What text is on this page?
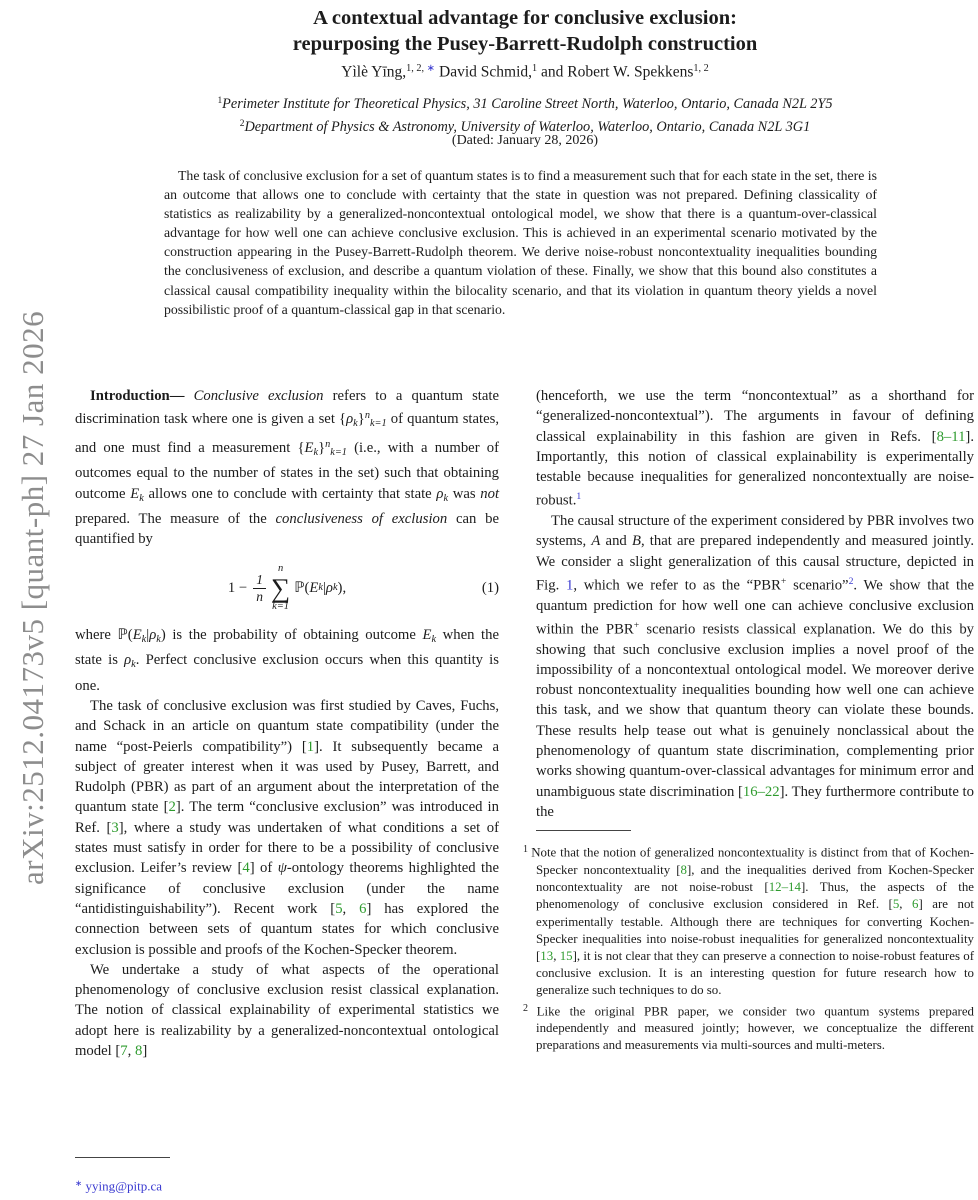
arXiv:2512.04173v5 [quant-ph] 27 Jan 2026
A contextual advantage for conclusive exclusion:
repurposing the Pusey-Barrett-Rudolph construction
Yìlè Yīng,$^{1, 2,}$ ∗ David Schmid,$^1$ and Robert W. Spekkens$^{1, 2}$
$^1$Perimeter Institute for Theoretical Physics, 31 Caroline Street North, Waterloo, Ontario, Canada N2L 2Y5
$^2$Department of Physics & Astronomy, University of Waterloo, Waterloo, Ontario, Canada N2L 3G1
(Dated: January 28, 2026)
The task of conclusive exclusion for a set of quantum states is to find a measurement such that for each state in the set, there is an outcome that allows one to conclude with certainty that the state in question was not prepared. Defining classicality of statistics as realizability by a generalized-noncontextual ontological model, we show that there is a quantum-over-classical advantage for how well one can achieve conclusive exclusion. This is achieved in an experimental scenario motivated by the construction appearing in the Pusey-Barrett-Rudolph theorem. We derive noise-robust noncontextuality inequalities bounding the conclusiveness of exclusion, and describe a quantum violation of these. Finally, we show that this bound also constitutes a classical causal compatibility inequality within the bilocality scenario, and that its violation in quantum theory yields a novel possibilistic proof of a quantum-classical gap in that scenario.

Introduction— Conclusive exclusion refers to a quantum state discrimination task where one is given a set $\{\rho_k\}^n_{k=1}$ of quantum states, and one must find a measurement $\{E_k\}^n_{k=1}$ (i.e., with a number of outcomes equal to the number of states in the set) such that obtaining outcome $E_k$ allows one to conclude with certainty that state $\rho_k$ was not prepared. The measure of the conclusiveness of exclusion can be quantified by

$1 - \frac{1}{n}$
n
∑
k=1
ℙ( E k | ρ k ),	(1)

where $ℙ(E_k|\rho_k)$ is the probability of obtaining outcome $E_k$ when the state is $\rho_k$. Perfect conclusive exclusion occurs when this quantity is one.

The task of conclusive exclusion was first studied by Caves, Fuchs, and Schack in an article on quantum state compatibility (under the name “post-Peierls compatibility”) [1]. It subsequently became a subject of greater interest when it was used by Pusey, Barrett, and Rudolph (PBR) as part of an argument about the interpretation of the quantum state [2]. The term “conclusive exclusion” was introduced in Ref. [3], where a study was undertaken of what conditions a set of states must satisfy in order for there to be a possibility of conclusive exclusion. Leifer’s review [4] of ψ-ontology theorems highlighted the significance of conclusive exclusion (under the name “antidistinguishability”). Recent work [5, 6] has explored the connection between sets of quantum states for which conclusive exclusion is possible and proofs of the Kochen-Specker theorem.

We undertake a study of what aspects of the operational phenomenology of conclusive exclusion resist classical explanation. The notion of classical explainability of experimental statistics we adopt here is realizability by a generalized-noncontextual ontological model [7, 8]

∗ yying@pitp.ca

(henceforth, we use the term “noncontextual” as a shorthand for “generalized-noncontextual”). The arguments in favour of defining classical explainability in this fashion are given in Refs. [8–11]. Importantly, this notion of classical explainability is experimentally testable because inequalities for generalized noncontextually are noise-robust.$^1$

The causal structure of the experiment considered by PBR involves two systems, A and B, that are prepared independently and measured jointly. We consider a slight generalization of this causal structure, depicted in Fig. 1, which we refer to as the “PBR+ scenario”$^2$. We show that the quantum prediction for how well one can achieve conclusive exclusion within the PBR+ scenario resists classical explanation. We do this by showing that such conclusive exclusion implies a novel proof of the impossibility of a noncontextual ontological model. We moreover derive robust noncontextuality inequalities bounding how well one can achieve this task, and we show that quantum theory can violate these bounds. These results help tease out what is genuinely nonclassical about the phenomenology of quantum state discrimination, complementing prior works showing quantum-over-classical advantages for minimum error and unambiguous state discrimination [16–22]. They furthermore contribute to the

$^1$ Note that the notion of generalized noncontextuality is distinct from that of Kochen-Specker noncontextuality [8], and the inequalities derived from Kochen-Specker noncontextuality are not noise-robust [12–14]. Thus, the aspects of the phenomenology of conclusive exclusion considered in Ref. [5, 6] are not experimentally testable. Although there are techniques for converting Kochen-Specker inequalities into noise-robust inequalities for generalized noncontextuality [13, 15], it is not clear that they can preserve a connection to noise-robust features of conclusive exclusion. It is an interesting question for future research how to generalize such techniques to do so.

$^2$ Like the original PBR paper, we consider two quantum systems prepared independently and measured jointly; however, we conceptualize the different preparations and measurements via multi-sources and multi-meters.
